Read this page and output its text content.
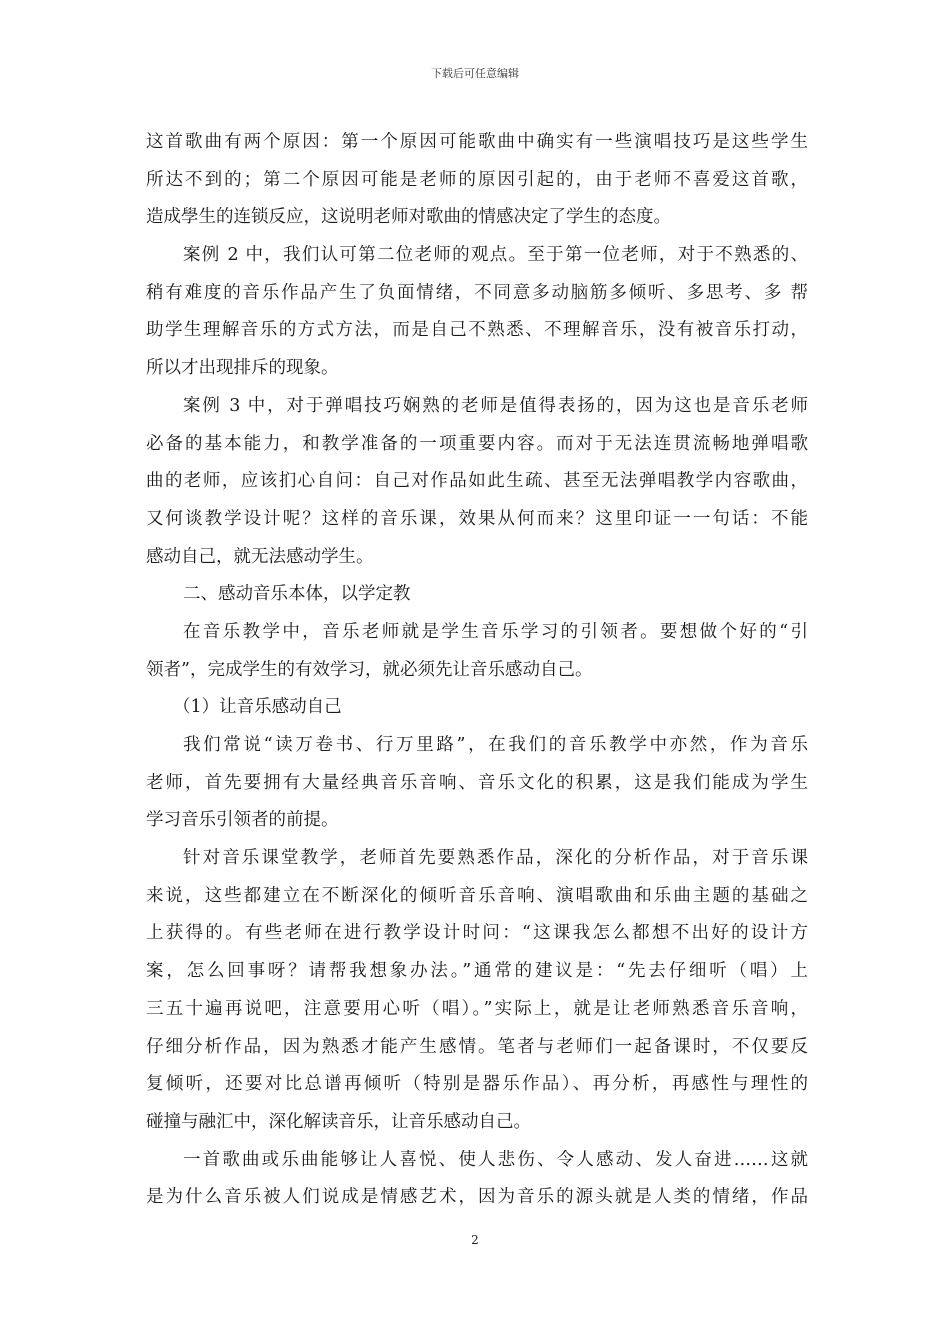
下载后可任意编辑
这首歌曲有两个原因：第一个原因可能歌曲中确实有一些演唱技巧是这些学生
所达不到的；第二个原因可能是老师的原因引起的，由于老师不喜爱这首歌，
造成學生的连锁反应，这说明老师对歌曲的情感决定了学生的态度。
案例 2 中，我们认可第二位老师的观点。至于第一位老师，对于不熟悉的、
稍有难度的音乐作品产生了负面情绪，不同意多动脑筋多倾听、多思考、多 帮
助学生理解音乐的方式方法，而是自己不熟悉、不理解音乐，没有被音乐打动，
所以才出现排斥的现象。
案例 3 中，对于弹唱技巧娴熟的老师是值得表扬的，因为这也是音乐老师
必备的基本能力，和教学准备的一项重要内容。而对于无法连贯流畅地弹唱歌
曲的老师，应该扪心自问：自己对作品如此生疏、甚至无法弹唱教学内容歌曲，
又何谈教学设计呢？这样的音乐课，效果从何而来？这里印证一一句话：不能
感动自己，就无法感动学生。
二、感动音乐本体，以学定教
在音乐教学中，音乐老师就是学生音乐学习的引领者。要想做个好的“引
领者”，完成学生的有效学习，就必须先让音乐感动自己。
（1）让音乐感动自己
我们常说“读万卷书、行万里路”，在我们的音乐教学中亦然，作为音乐
老师，首先要拥有大量经典音乐音响、音乐文化的积累，这是我们能成为学生
学习音乐引领者的前提。
针对音乐课堂教学，老师首先要熟悉作品，深化的分析作品，对于音乐课
来说，这些都建立在不断深化的倾听音乐音响、演唱歌曲和乐曲主题的基础之
上获得的。有些老师在进行教学设计时问：“这课我怎么都想不出好的设计方
案，怎么回事呀？请帮我想象办法。”通常的建议是：“先去仔细听（唱）上
三五十遍再说吧，注意要用心听（唱）。”实际上，就是让老师熟悉音乐音响，
仔细分析作品，因为熟悉才能产生感情。笔者与老师们一起备课时，不仅要反
复倾听，还要对比总谱再倾听（特别是器乐作品）、再分析，再感性与理性的
碰撞与融汇中，深化解读音乐，让音乐感动自己。
一首歌曲或乐曲能够让人喜悦、使人悲伤、令人感动、发人奋进……这就
是为什么音乐被人们说成是情感艺术，因为音乐的源头就是人类的情绪，作品
2
